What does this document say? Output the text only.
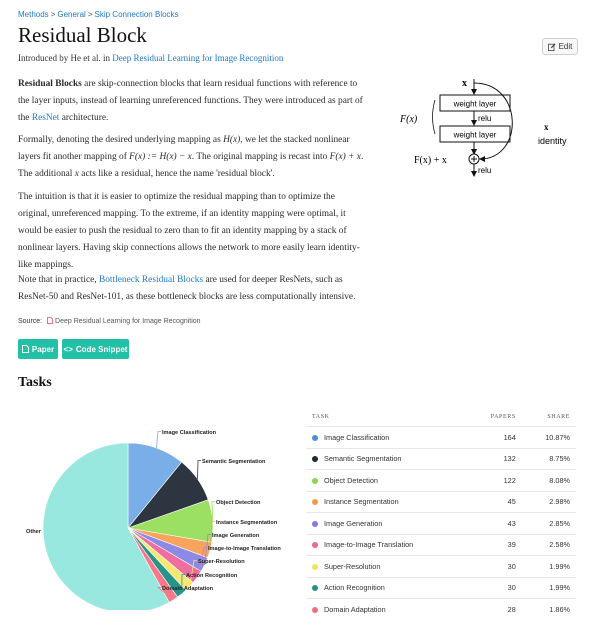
Methods > General > Skip Connection Blocks
Residual Block
Introduced by He et al. in Deep Residual Learning for Image Recognition
Edit

Residual Blocks are skip-connection blocks that learn residual functions with reference to the layer inputs, instead of learning unreferenced functions. They were introduced as part of the ResNet architecture.

Formally, denoting the desired underlying mapping as H(x), we let the stacked nonlinear layers fit another mapping of F(x) := H(x) − x. The original mapping is recast into F(x) + x. The additional x acts like a residual, hence the name 'residual block'.

The intuition is that it is easier to optimize the residual mapping than to optimize the original, unreferenced mapping. To the extreme, if an identity mapping were optimal, it would be easier to push the residual to zero than to fit an identity mapping by a stack of nonlinear layers. Having skip connections allows the network to more easily learn identity-like mappings.

Note that in practice, Bottleneck Residual Blocks are used for deeper ResNets, such as ResNet-50 and ResNet-101, as these bottleneck blocks are less computationally intensive.

Source: Deep Residual Learning for Image Recognition
Paper <> Code Snippet
x
weight layer
relu
weight layer
F(x)
x
identity
F(x) + x
relu
Tasks
Image Classification
Semantic Segmentation
Object Detection
Instance Segmentation
Image Generation
Image-to-Image Translation
Super-Resolution
Action Recognition
Domain Adaptation
Other
TASK	PAPERS	SHARE
Image Classification	164	10.87%
Semantic Segmentation	132	8.75%
Object Detection	122	8.08%
Instance Segmentation	45	2.98%
Image Generation	43	2.85%
Image-to-Image Translation	39	2.58%
Super-Resolution	30	1.99%
Action Recognition	30	1.99%
Domain Adaptation	28	1.86%
